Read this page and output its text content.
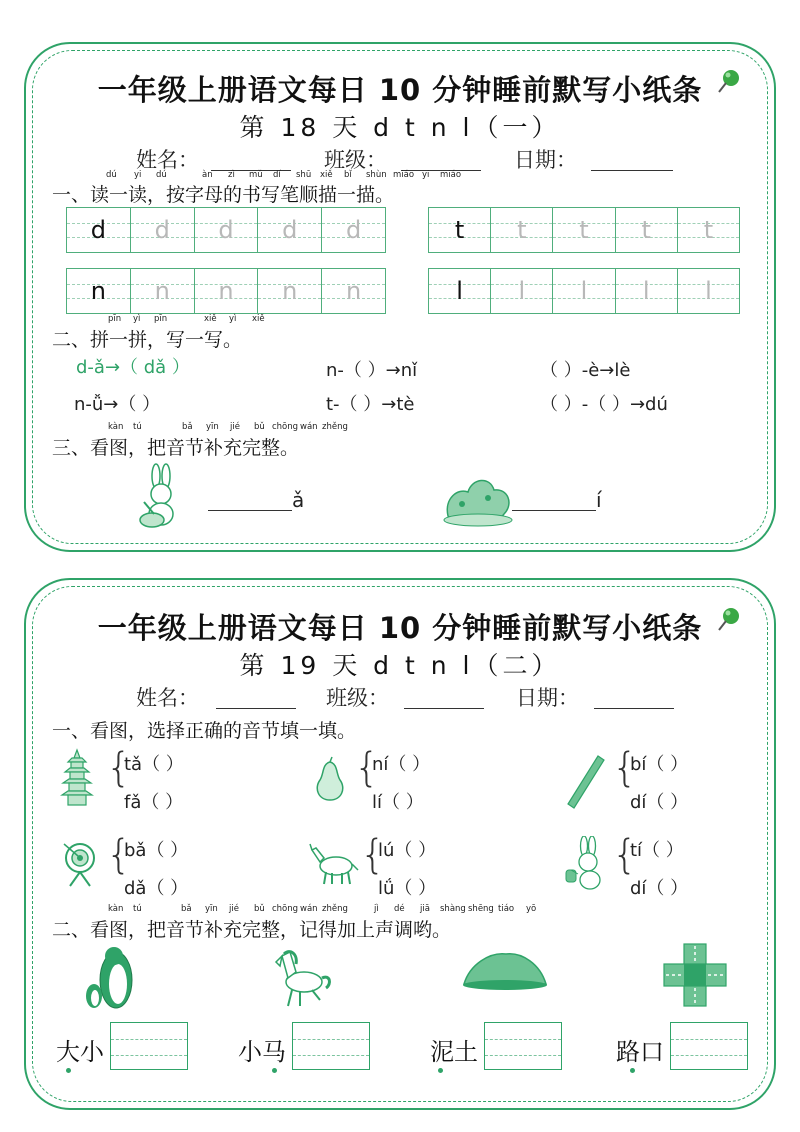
一年级上册语文每日 10 分钟睡前默写小纸条
第 18 天 d t n l（一）
姓名：	班级：	日期：
dú yi dú	àn zì mǔ dí shū xiě bǐ shùn miáo yi miáo
一、读一读，按字母的书写笔顺描一描。
d d d d d	t t t t t
n n n n n	l l l l l
pīn yì pīn	xiě yì xiě
二、拼一拼，写一写。
d-ǎ→（ dǎ ）	n-（ ）→nǐ	（ ）-è→lè
n-ǚ→（ ）	t-（ ）→tè	（ ）-（ ）→dú
kàn tú	bǎ yīn jié bǔ chōng wán zhěng
三、看图，把音节补充完整。
ǎ	í
一年级上册语文每日 10 分钟睡前默写小纸条
第 19 天 d t n l（二）
姓名：	班级：	日期：
一、看图，选择正确的音节填一填。
{
tǎ（ ）
fǎ（ ）
{
ní（ ）
lí（ ）
{
bí（ ）
dí（ ）
{
bǎ（ ）
dǎ（ ）
{
lú（ ）
lǘ（ ）
{
tí（ ）
dí（ ）
kàn tú	bǎ yīn jié bǔ chōng wán zhěng	jì dé jiā shàng shēng tiáo yō
二、看图，把音节补充完整，记得加上声调哟。
大小	小马	泥土	路口
